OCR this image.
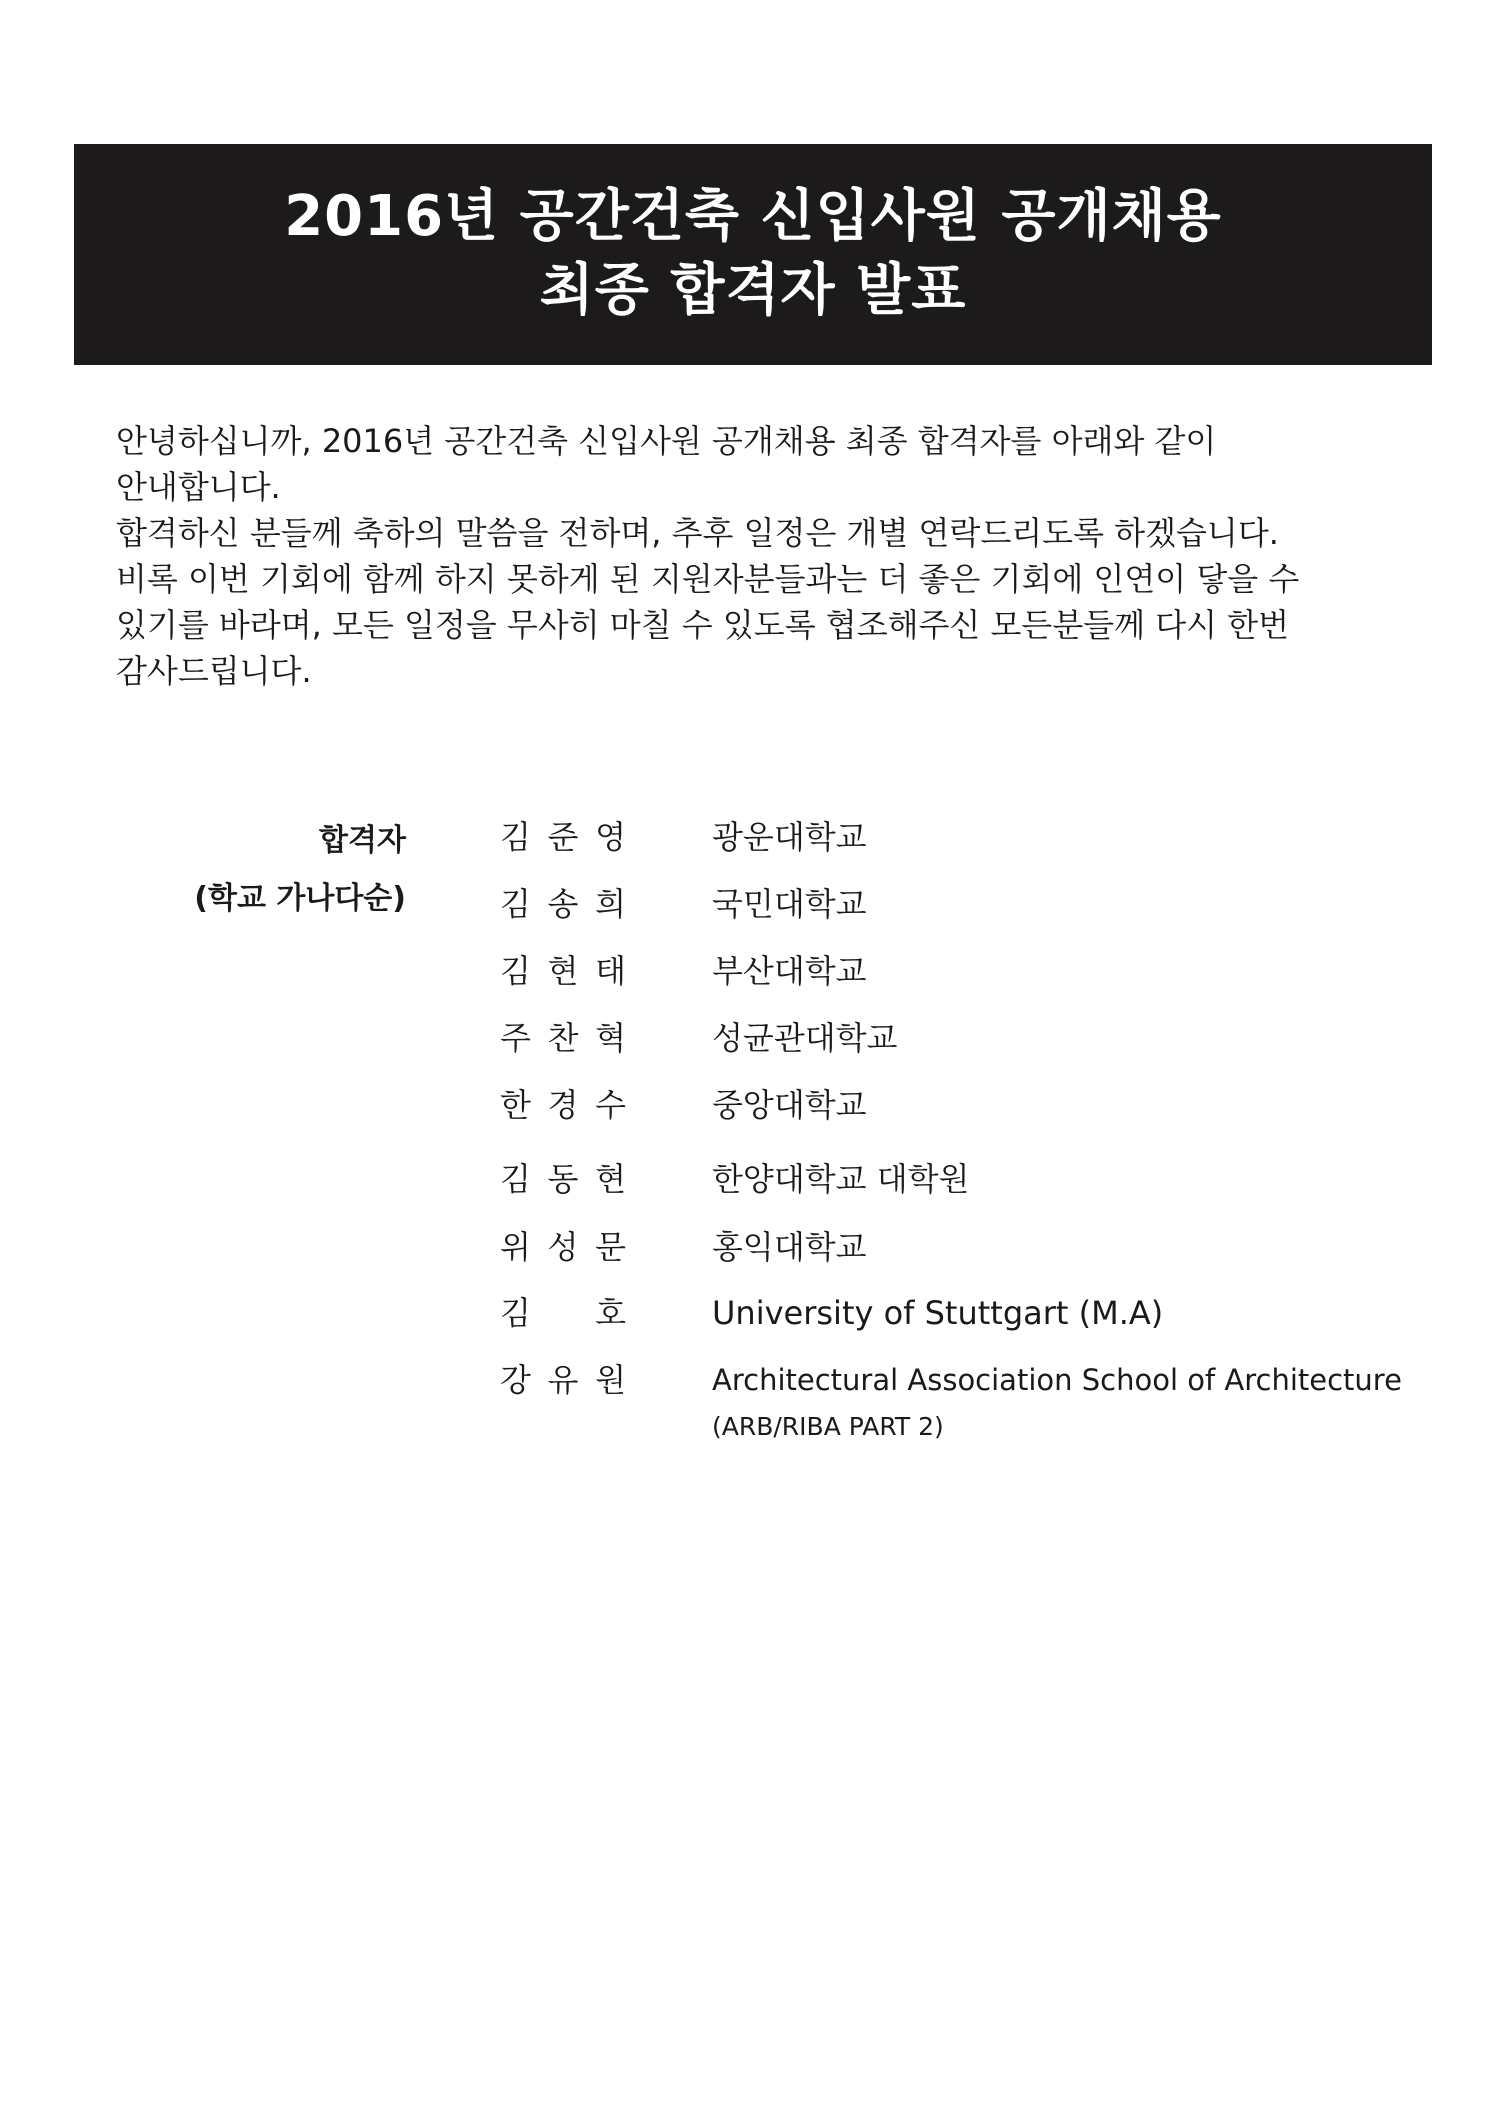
2016년 공간건축 신입사원 공개채용
최종 합격자 발표
안녕하십니까, 2016년 공간건축 신입사원 공개채용 최종 합격자를 아래와 같이
안내합니다.
합격하신 분들께 축하의 말씀을 전하며, 추후 일정은 개별 연락드리도록 하겠습니다.
비록 이번 기회에 함께 하지 못하게 된 지원자분들과는 더 좋은 기회에 인연이 닿을 수
있기를 바라며, 모든 일정을 무사히 마칠 수 있도록 협조해주신 모든분들께 다시 한번
감사드립니다.
합격자
(학교 가나다순)
김 준 영	광운대학교
김 송 희	국민대학교
김 현 태	부산대학교
주 찬 혁	성균관대학교
한 경 수	중앙대학교
김 동 현	한양대학교 대학원
위 성 문	홍익대학교
김 호	University of Stuttgart (M.A)
강 유 원	Architectural Association School of Architecture
(ARB/RIBA PART 2)
